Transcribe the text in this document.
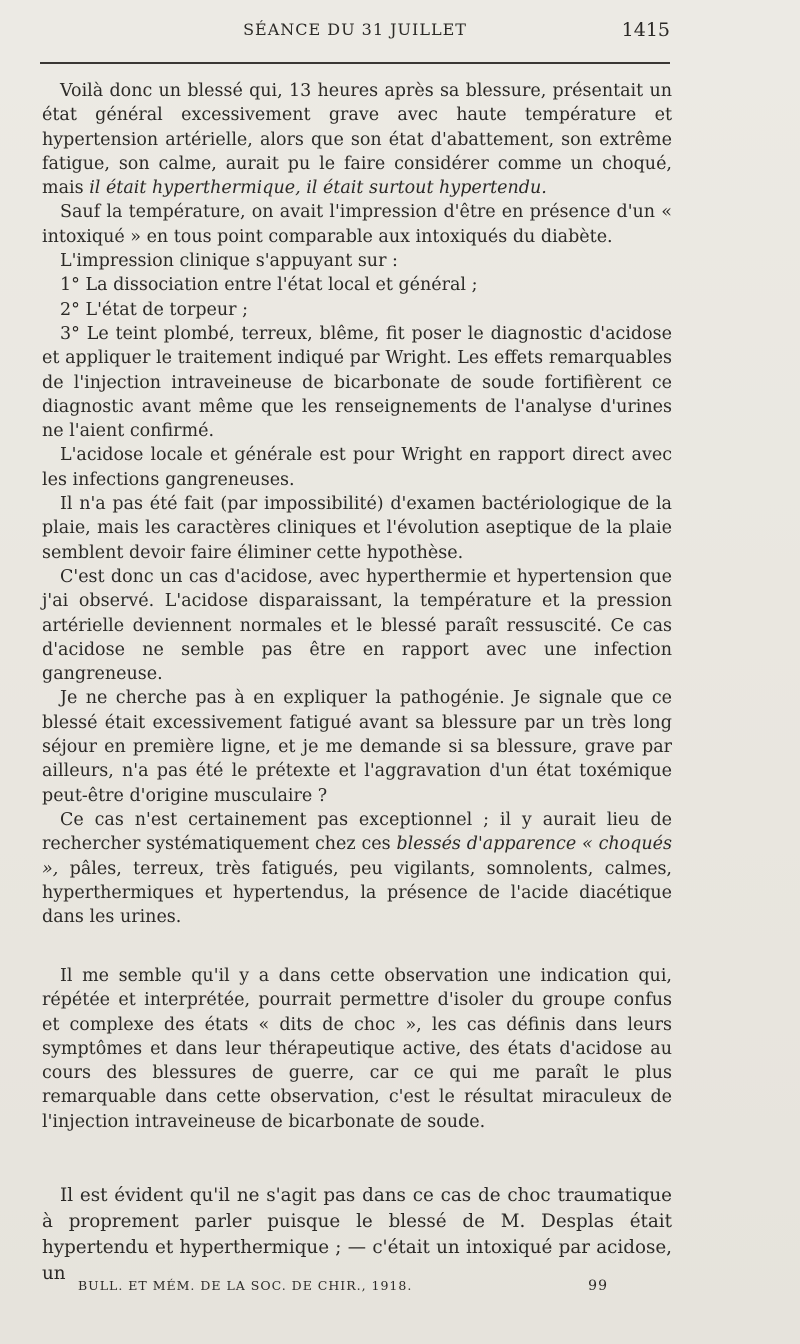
SÉANCE DU 31 JUILLET	1415

Voilà donc un blessé qui, 13 heures après sa blessure, présentait un état général excessivement grave avec haute température et hypertension artérielle, alors que son état d'abattement, son extrême fatigue, son calme, aurait pu le faire considérer comme un choqué, mais il était hyperthermique, il était surtout hypertendu.

Sauf la température, on avait l'impression d'être en présence d'un « intoxiqué » en tous point comparable aux intoxiqués du diabète.

L'impression clinique s'appuyant sur :

1° La dissociation entre l'état local et général ;

2° L'état de torpeur ;

3° Le teint plombé, terreux, blême, fit poser le diagnostic d'acidose et appliquer le traitement indiqué par Wright. Les effets remarquables de l'injection intraveineuse de bicarbonate de soude fortifièrent ce diagnostic avant même que les renseignements de l'analyse d'urines ne l'aient confirmé.

L'acidose locale et générale est pour Wright en rapport direct avec les infections gangreneuses.

Il n'a pas été fait (par impossibilité) d'examen bactériologique de la plaie, mais les caractères cliniques et l'évolution aseptique de la plaie semblent devoir faire éliminer cette hypothèse.

C'est donc un cas d'acidose, avec hyperthermie et hypertension que j'ai observé. L'acidose disparaissant, la température et la pression artérielle deviennent normales et le blessé paraît ressuscité. Ce cas d'acidose ne semble pas être en rapport avec une infection gangreneuse.

Je ne cherche pas à en expliquer la pathogénie. Je signale que ce blessé était excessivement fatigué avant sa blessure par un très long séjour en première ligne, et je me demande si sa blessure, grave par ailleurs, n'a pas été le prétexte et l'aggravation d'un état toxémique peut-être d'origine musculaire ?

Ce cas n'est certainement pas exceptionnel ; il y aurait lieu de rechercher systématiquement chez ces blessés d'apparence « choqués », pâles, terreux, très fatigués, peu vigilants, somnolents, calmes, hyperthermiques et hypertendus, la présence de l'acide diacétique dans les urines.

Il me semble qu'il y a dans cette observation une indication qui, répétée et interprétée, pourrait permettre d'isoler du groupe confus et complexe des états « dits de choc », les cas définis dans leurs symptômes et dans leur thérapeutique active, des états d'acidose au cours des blessures de guerre, car ce qui me paraît le plus remarquable dans cette observation, c'est le résultat miraculeux de l'injection intraveineuse de bicarbonate de soude.

Il est évident qu'il ne s'agit pas dans ce cas de choc traumatique à proprement parler puisque le blessé de M. Desplas était hypertendu et hyperthermique ; — c'était un intoxiqué par acidose, un

BULL. ET MÉM. DE LA SOC. DE CHIR., 1918.	99
